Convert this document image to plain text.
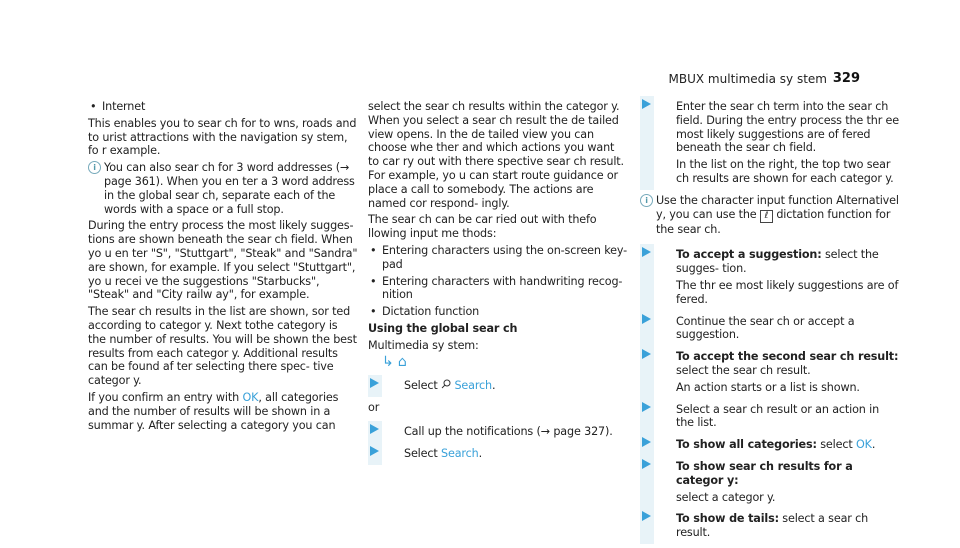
MBUX multimedia sy stem 329
• Internet

This enables you to sear ch for to wns, roads and to urist attractions with the navigation sy stem, fo r example.

i You can also sear ch for 3 word addresses (→ page 361). When you en ter a 3 word address in the global sear ch, separate each of the words with a space or a full stop.

During the entry process the most likely sugges- tions are shown beneath the sear ch field. When yo u en ter "S", "Stuttgart", "Steak" and "Sandra" are shown, for example. If you select "Stuttgart", yo u recei ve the suggestions "Starbucks", "Steak" and "City railw ay", for example.

The sear ch results in the list are shown, sor ted according to categor y. Next tothe category is the number of results. You will be shown the best results from each categor y. Additional results can be found af ter selecting there spec- tive categor y.

If you confirm an entry with OK, all categories and the number of results will be shown in a summar y. After selecting a category you can

select the sear ch results within the categor y. When you select a sear ch result the de tailed view opens. In the de tailed view you can choose whe ther and which actions you want to car ry out with there spective sear ch result. For example, yo u can start route guidance or place a call to somebody. The actions are named cor respond- ingly.

The sear ch can be car ried out with thefo llowing input me thods:

• Entering characters using the on-screen key- pad
• Entering characters with handwriting recog- nition
• Dictation function

Using the global sear ch

Multimedia sy stem:

↳ ⌂
Select  Search.

or

Call up the notifications (→ page 327).
Select Search.

Enter the sear ch term into the sear ch field. During the entry process the thr ee most likely suggestions are of fered beneath the sear ch field.

In the list on the right, the top two sear ch results are shown for each categor y.

i Use the character input function Alternativel y, you can use the ℓ dictation function for the sear ch.

To accept a suggestion: select the sugges- tion.

The thr ee most likely suggestions are of fered.

Continue the sear ch or accept a suggestion.

To accept the second sear ch result: select the sear ch result.

An action starts or a list is shown.

Select a sear ch result or an action in the list.
To show all categories: select OK.

To show sear ch results for a categor y:

select a categor y.

To show de tails: select a sear ch result.
